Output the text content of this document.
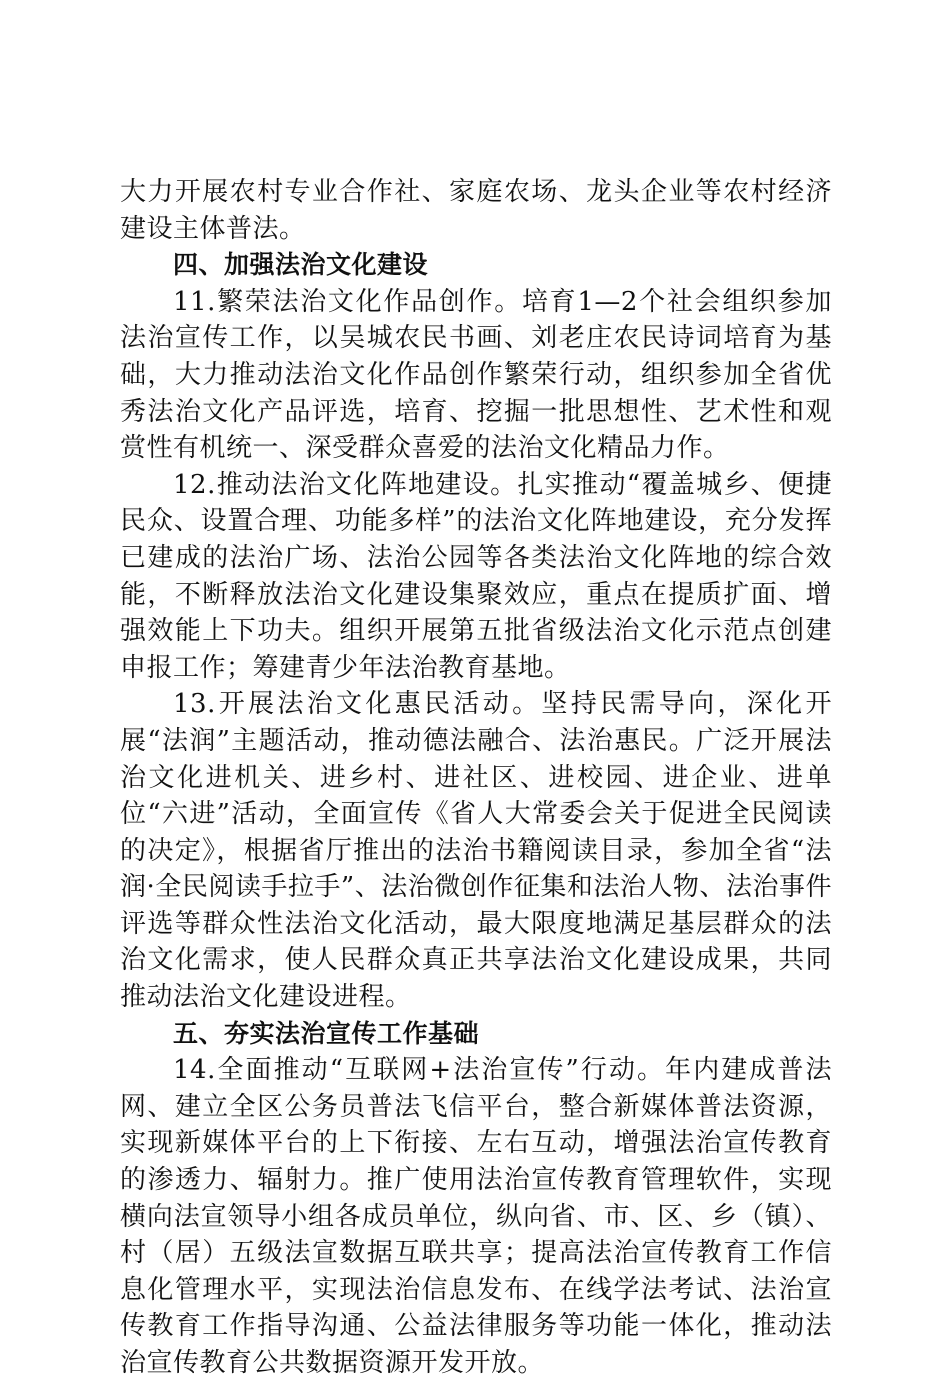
大力开展农村专业合作社、家庭农场、龙头企业等农村经济建设主体普法。

四、加强法治文化建设

11.繁荣法治文化作品创作。培育1—2个社会组织参加法治宣传工作，以吴城农民书画、刘老庄农民诗词培育为基础，大力推动法治文化作品创作繁荣行动，组织参加全省优秀法治文化产品评选，培育、挖掘一批思想性、艺术性和观赏性有机统一、深受群众喜爱的法治文化精品力作。

12.推动法治文化阵地建设。扎实推动“覆盖城乡、便捷民众、设置合理、功能多样”的法治文化阵地建设，充分发挥已建成的法治广场、法治公园等各类法治文化阵地的综合效能，不断释放法治文化建设集聚效应，重点在提质扩面、增强效能上下功夫。组织开展第五批省级法治文化示范点创建申报工作；筹建青少年法治教育基地。

13.开展法治文化惠民活动。坚持民需导向，深化开展“法润”主题活动，推动德法融合、法治惠民。广泛开展法治文化进机关、进乡村、进社区、进校园、进企业、进单位“六进”活动，全面宣传《省人大常委会关于促进全民阅读的决定》，根据省厅推出的法治书籍阅读目录，参加全省“法润·全民阅读手拉手”、法治微创作征集和法治人物、法治事件评选等群众性法治文化活动，最大限度地满足基层群众的法治文化需求，使人民群众真正共享法治文化建设成果，共同推动法治文化建设进程。

五、夯实法治宣传工作基础

14.全面推动“互联网+法治宣传”行动。年内建成普法网、建立全区公务员普法飞信平台，整合新媒体普法资源，实现新媒体平台的上下衔接、左右互动，增强法治宣传教育的渗透力、辐射力。推广使用法治宣传教育管理软件，实现横向法宣领导小组各成员单位，纵向省、市、区、乡（镇）、村（居）五级法宣数据互联共享；提高法治宣传教育工作信息化管理水平，实现法治信息发布、在线学法考试、法治宣传教育工作指导沟通、公益法律服务等功能一体化，推动法治宣传教育公共数据资源开发开放。
